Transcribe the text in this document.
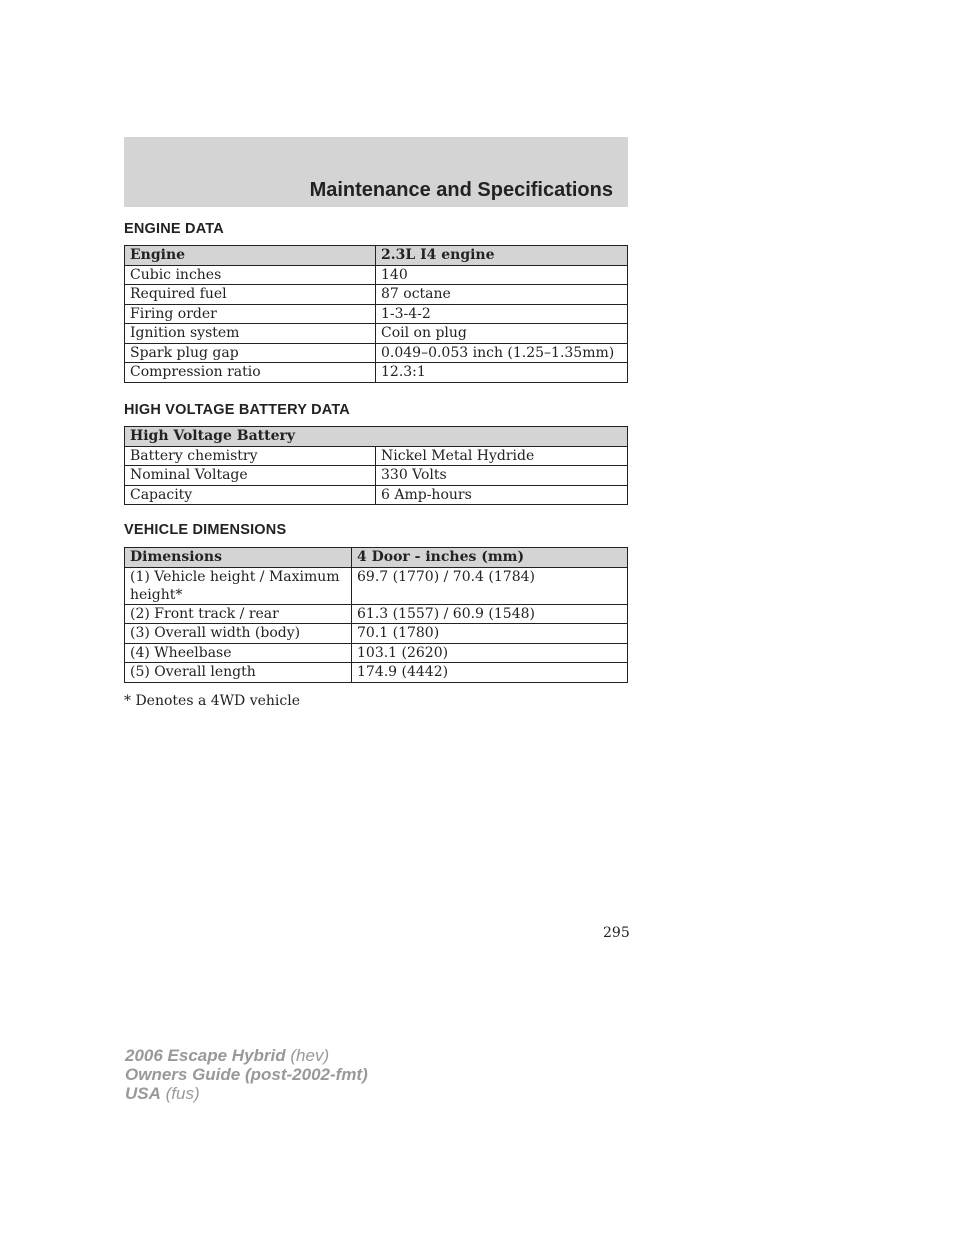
Maintenance and Specifications
ENGINE DATA
Engine	2.3L I4 engine
Cubic inches	140
Required fuel	87 octane
Firing order	1-3-4-2
Ignition system	Coil on plug
Spark plug gap	0.049–0.053 inch (1.25–1.35mm)
Compression ratio	12.3:1
HIGH VOLTAGE BATTERY DATA
High Voltage Battery	
Battery chemistry	Nickel Metal Hydride
Nominal Voltage	330 Volts
Capacity	6 Amp-hours
VEHICLE DIMENSIONS
Dimensions	4 Door - inches (mm)
(1) Vehicle height / Maximum height*	69.7 (1770) / 70.4 (1784)
(2) Front track / rear	61.3 (1557) / 60.9 (1548)
(3) Overall width (body)	70.1 (1780)
(4) Wheelbase	103.1 (2620)
(5) Overall length	174.9 (4442)
* Denotes a 4WD vehicle
295
2006 Escape Hybrid (hev)
Owners Guide (post-2002-fmt)
USA (fus)
